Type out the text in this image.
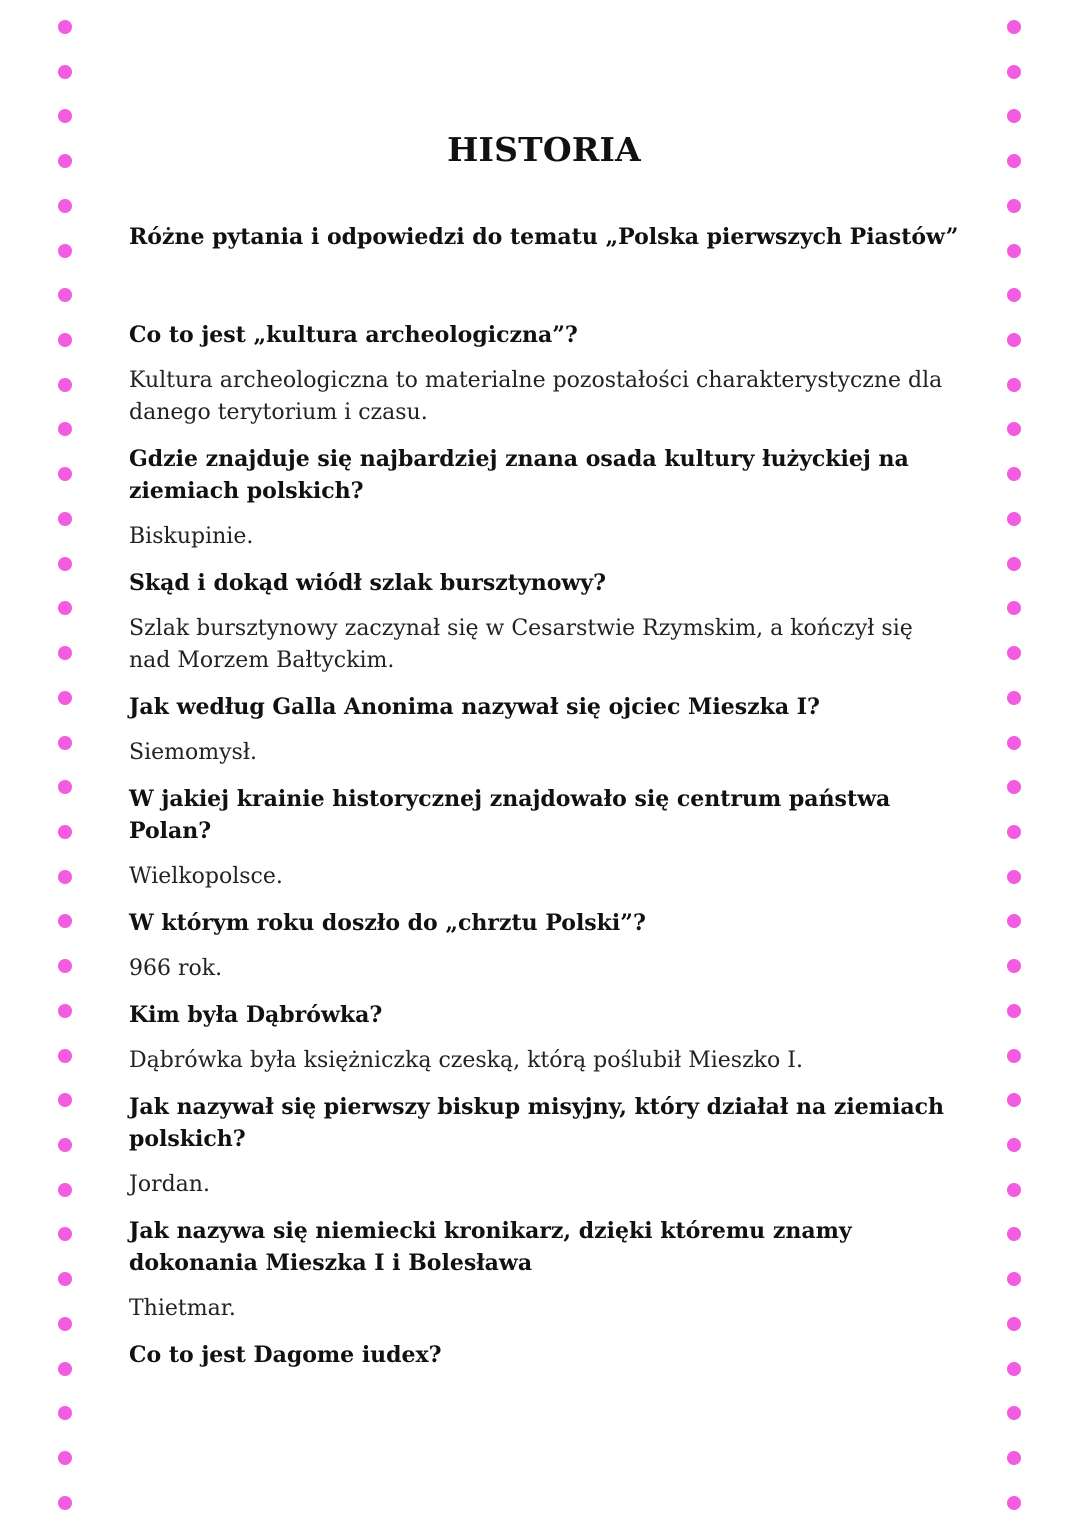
HISTORIA
Różne pytania i odpowiedzi do tematu „Polska pierwszych Piastów”
Co to jest „kultura archeologiczna”?
Kultura archeologiczna to materialne pozostałości charakterystyczne dla danego terytorium i czasu.
Gdzie znajduje się najbardziej znana osada kultury łużyckiej na ziemiach polskich?
Biskupinie.
Skąd i dokąd wiódł szlak bursztynowy?
Szlak bursztynowy zaczynał się w Cesarstwie Rzymskim, a kończył się nad Morzem Bałtyckim.
Jak według Galla Anonima nazywał się ojciec Mieszka I?
Siemomysł.
W jakiej krainie historycznej znajdowało się centrum państwa Polan?
Wielkopolsce.
W którym roku doszło do „chrztu Polski”?
966 rok.
Kim była Dąbrówka?
Dąbrówka była księżniczką czeską, którą poślubił Mieszko I.
Jak nazywał się pierwszy biskup misyjny, który działał na ziemiach polskich?
Jordan.
Jak nazywa się niemiecki kronikarz, dzięki któremu znamy dokonania Mieszka I i Bolesława
Thietmar.
Co to jest Dagome iudex?
